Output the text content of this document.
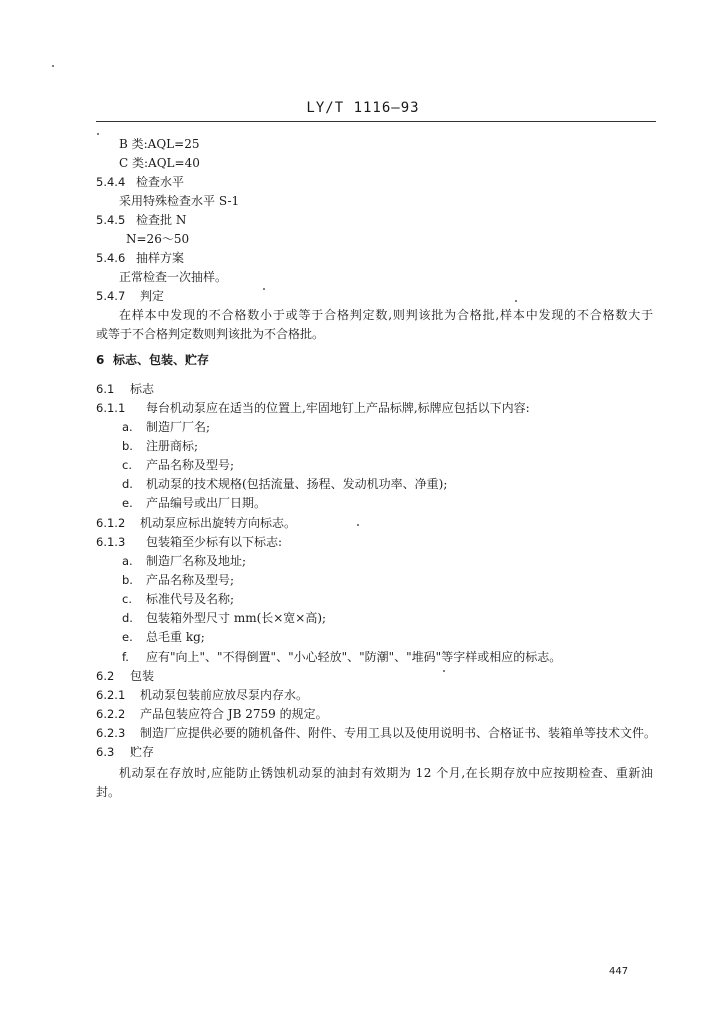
LY/T 1116—93
B 类:AQL=25
C 类:AQL=40
5.4.4 检查水平
采用特殊检查水平 S-1
5.4.5 检查批 N
N=26～50
5.4.6 抽样方案
正常检查一次抽样。
5.4.7 判定
在样本中发现的不合格数小于或等于合格判定数,则判该批为合格批,样本中发现的不合格数大于
或等于不合格判定数则判该批为不合格批。
6 标志、包装、贮存
6.1 标志
6.1.1 每台机动泵应在适当的位置上,牢固地钉上产品标牌,标牌应包括以下内容:
a. 制造厂厂名;
b. 注册商标;
c. 产品名称及型号;
d. 机动泵的技术规格(包括流量、扬程、发动机功率、净重);
e. 产品编号或出厂日期。
6.1.2 机动泵应标出旋转方向标志。
6.1.3 包装箱至少标有以下标志:
a. 制造厂名称及地址;
b. 产品名称及型号;
c. 标准代号及名称;
d. 包装箱外型尺寸 mm(长×宽×高);
e. 总毛重 kg;
f. 应有"向上"、"不得倒置"、"小心轻放"、"防潮"、"堆码"等字样或相应的标志。
6.2 包装
6.2.1 机动泵包装前应放尽泵内存水。
6.2.2 产品包装应符合 JB 2759 的规定。
6.2.3 制造厂应提供必要的随机备件、附件、专用工具以及使用说明书、合格证书、装箱单等技术文件。
6.3 贮存
机动泵在存放时,应能防止锈蚀机动泵的油封有效期为 12 个月,在长期存放中应按期检查、重新油
封。
447
